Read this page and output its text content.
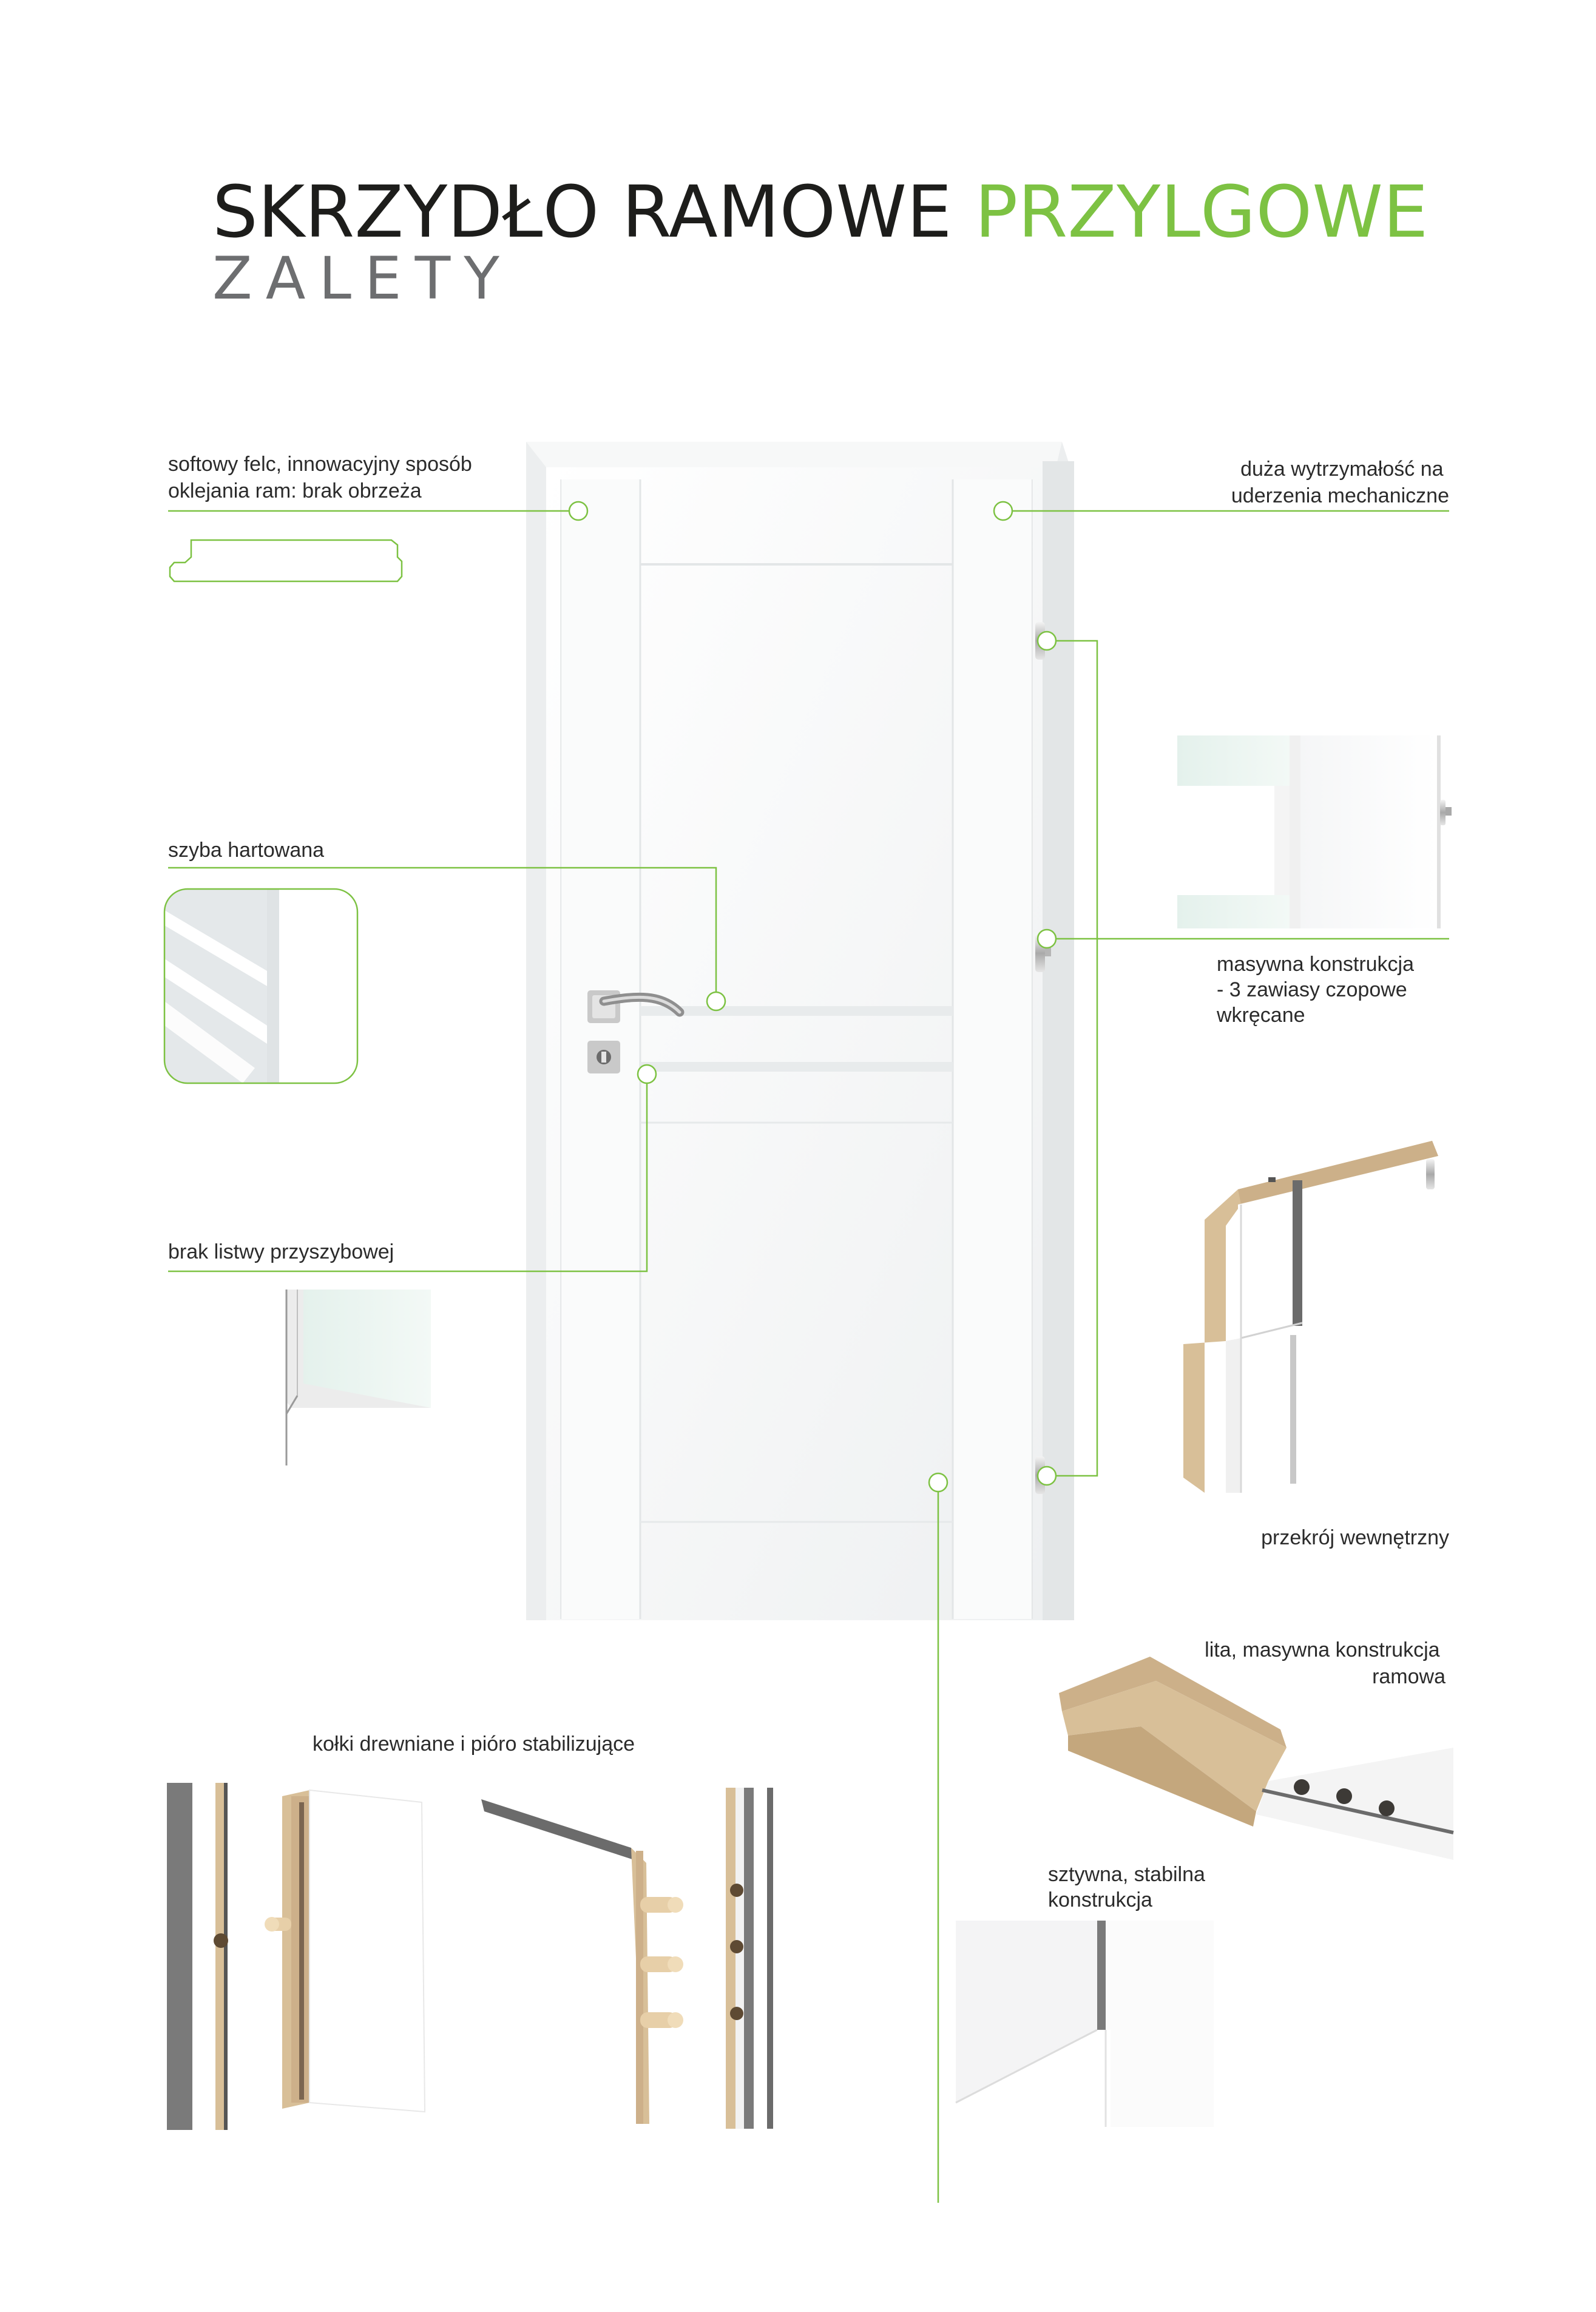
SKRZYDŁO RAMOWE PRZYLGOWE
ZALETY
softowy felc, innowacyjny sposób oklejania ram: brak obrzeża
duża wytrzymałość na uderzenia mechaniczne
szyba hartowana
masywna konstrukcja - 3 zawiasy czopowe wkręcane
brak listwy przyszybowej
przekrój wewnętrzny
lita, masywna konstrukcja ramowa
kołki drewniane i pióro stabilizujące
sztywna, stabilna konstrukcja
